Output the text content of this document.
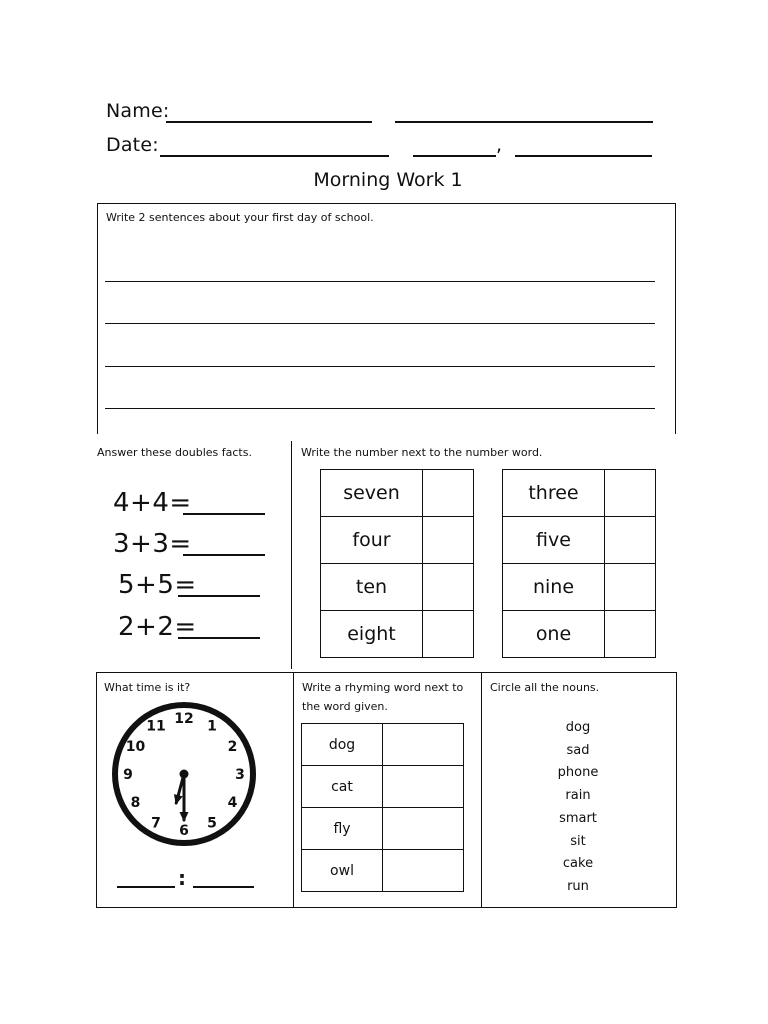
Name:
Date:	,
Morning Work 1
Write 2 sentences about your first day of school.
Answer these doubles facts.
4+4=
3+3=
5+5=
2+2=
Write the number next to the number word.
seven	
four	
ten	
eight	
three	
five	
nine	
one	
What time is it?
12 1
2
3
4
5
6
7
8
9
10
11
:
Write a rhyming word next to
the word given.
dog	
cat	
fly	
owl	
Circle all the nouns.
dog
sad
phone
rain
smart
sit
cake
run
